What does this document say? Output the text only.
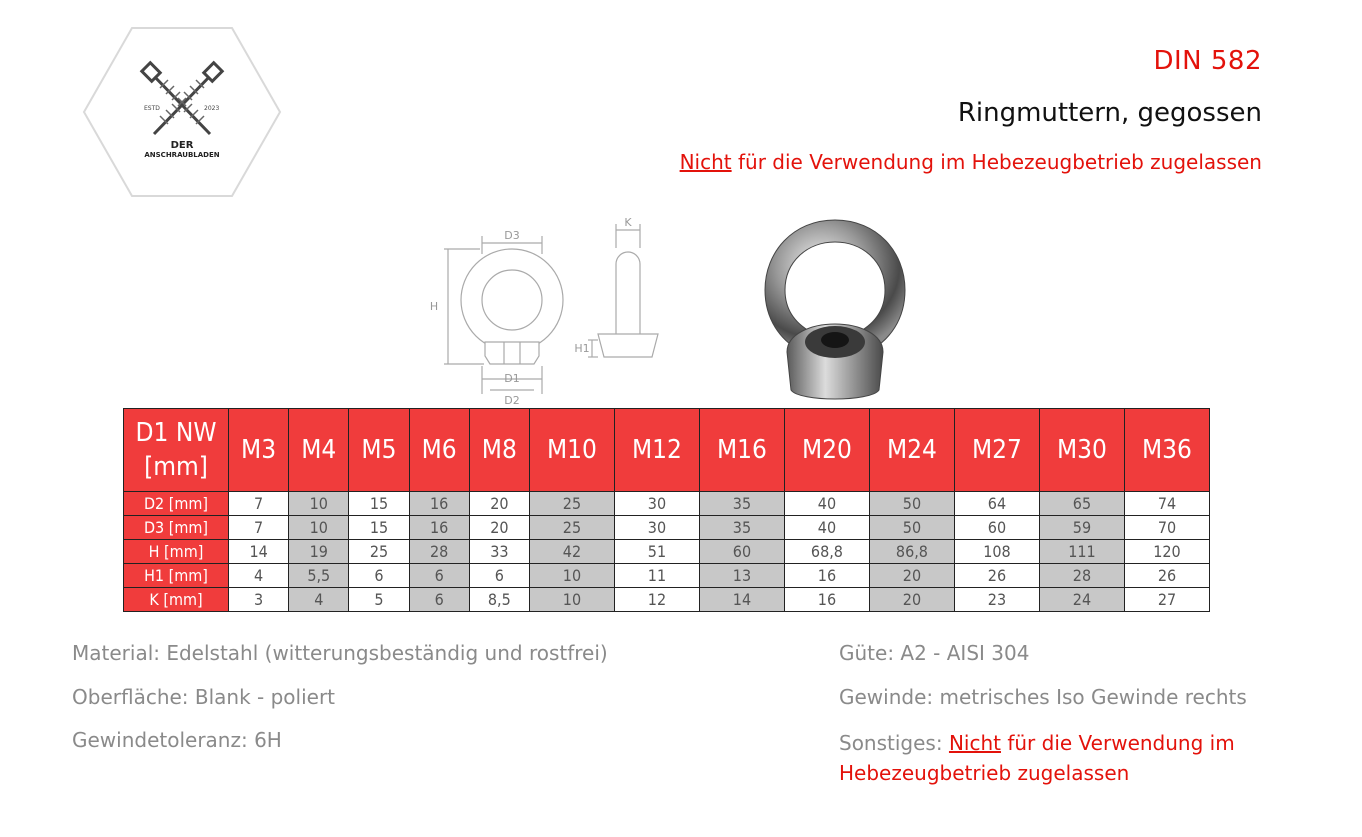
ESTD	2023
DER
ANSCHRAUBLADEN
DIN 582
Ringmuttern, gegossen
Nicht für die Verwendung im Hebezeugbetrieb zugelassen
D3
K
H
H1
D1
D2
D1 NW
[mm]	M3	M4	M5	M6	M8	M10	M12	M16	M20	M24	M27	M30	M36
D2 [mm]	7	10	15	16	20	25	30	35	40	50	64	65	74
D3 [mm]	7	10	15	16	20	25	30	35	40	50	60	59	70
H [mm]	14	19	25	28	33	42	51	60	68,8	86,8	108	111	120
H1 [mm]	4	5,5	6	6	6	10	11	13	16	20	26	28	26
K [mm]	3	4	5	6	8,5	10	12	14	16	20	23	24	27
Material: Edelstahl (witterungsbeständig und rostfrei)
Oberfläche: Blank - poliert
Gewindetoleranz: 6H
Güte: A2 - AISI 304
Gewinde: metrisches Iso Gewinde rechts
Sonstiges: Nicht für die Verwendung im
Hebezeugbetrieb zugelassen
